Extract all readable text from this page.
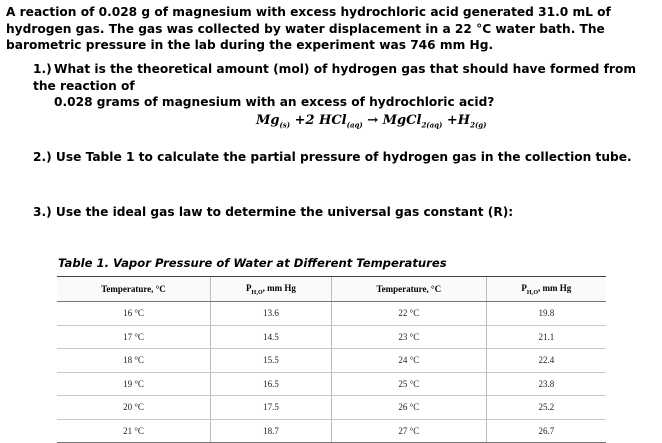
A reaction of 0.028 g of magnesium with excess hydrochloric acid generated 31.0 mL of hydrogen gas. The gas was collected by water displacement in a 22 °C water bath. The barometric pressure in the lab during the experiment was 746 mm Hg.
1.) What is the theoretical amount (mol) of hydrogen gas that should have formed from the reaction of
0.028 grams of magnesium with an excess of hydrochloric acid?
$Mg_{(s)} +2$ HCl$_{(aq)}$ → MgCl$_{2(aq)}$ $+H_{2(g)}$
2.) Use Table 1 to calculate the partial pressure of hydrogen gas in the collection tube.
3.) Use the ideal gas law to determine the universal gas constant (R):
Table 1. Vapor Pressure of Water at Different Temperatures
Temperature, °C	$P_{H_2O}$, mm Hg	Temperature, °C	$P_{H_2O}$, mm Hg
16 °C	13.6	22 °C	19.8
17 °C	14.5	23 °C	21.1
18 °C	15.5	24 °C	22.4
19 °C	16.5	25 °C	23.8
20 °C	17.5	26 °C	25.2
21 °C	18.7	27 °C	26.7
